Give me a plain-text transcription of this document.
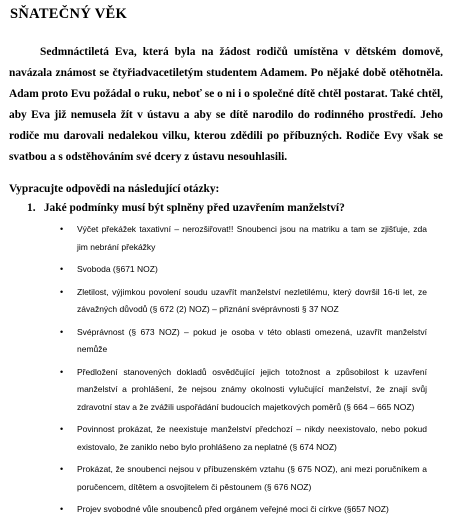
SŇATEČNÝ VĚK

Sedmnáctiletá Eva, která byla na žádost rodičů umístěna v dětském domově, navázala známost se čtyřiadvacetiletým studentem Adamem. Po nějaké době otěhotněla. Adam proto Evu požádal o ruku, neboť se o ni i o společné dítě chtěl postarat. Také chtěl, aby Eva již nemusela žít v ústavu a aby se dítě narodilo do rodinného prostředí. Jeho rodiče mu darovali nedalekou vilku, kterou zdědili po příbuzných. Rodiče Evy však se svatbou a s odstěhováním své dcery z ústavu nesouhlasili.

Vypracujte odpovědi na následující otázky:

1. Jaké podmínky musí být splněny před uzavřením manželství?

• Výčet překážek taxativní – nerozšiřovat!! Snoubenci jsou na matriku a tam se zjišťuje, zda jim nebrání překážky
• Svoboda (§671 NOZ)
• Zletilost, výjimkou povolení soudu uzavřít manželství nezletilému, který dovršil 16-ti let, ze závažných důvodů (§ 672 (2) NOZ) – přiznání svéprávnosti § 37 NOZ
• Svéprávnost (§ 673 NOZ) – pokud je osoba v této oblasti omezená, uzavřít manželství nemůže
• Předložení stanovených dokladů osvědčující jejich totožnost a způsobilost k uzavření manželství a prohlášení, že nejsou známy okolnosti vylučující manželství, že znají svůj zdravotní stav a že zvážili uspořádání budoucích majetkových poměrů (§ 664 – 665 NOZ)
• Povinnost prokázat, že neexistuje manželství předchozí – nikdy neexistovalo, nebo pokud existovalo, že zaniklo nebo bylo prohlášeno za neplatné (§ 674 NOZ)
• Prokázat, že snoubenci nejsou v příbuzenském vztahu (§ 675 NOZ), ani mezi poručníkem a poručencem, dítětem a osvojitelem či pěstounem (§ 676 NOZ)
• Projev svobodné vůle snoubenců před orgánem veřejné moci či církve (§657 NOZ)
